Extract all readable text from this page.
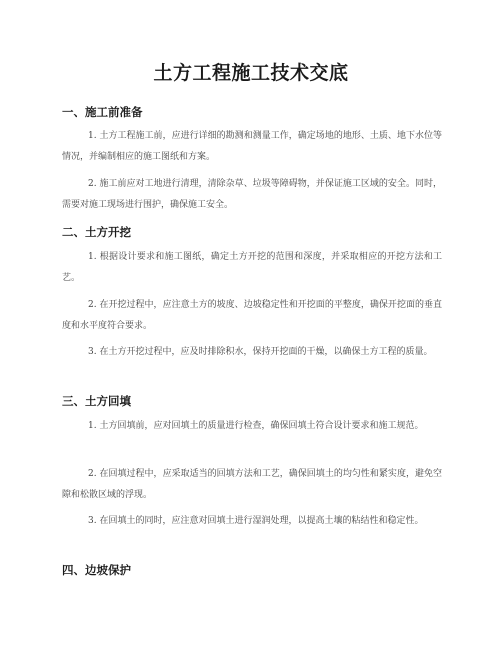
土方工程施工技术交底
一、施工前准备
1. 土方工程施工前，应进行详细的勘测和测量工作，确定场地的地形、土质、地下水位等情况，并编制相应的施工图纸和方案。
2. 施工前应对工地进行清理，清除杂草、垃圾等障碍物，并保证施工区域的安全。同时，需要对施工现场进行围护，确保施工安全。
二、土方开挖
1. 根据设计要求和施工图纸，确定土方开挖的范围和深度，并采取相应的开挖方法和工艺。
2. 在开挖过程中，应注意土方的坡度、边坡稳定性和开挖面的平整度，确保开挖面的垂直度和水平度符合要求。
3. 在土方开挖过程中，应及时排除积水，保持开挖面的干燥，以确保土方工程的质量。
三、土方回填
1. 土方回填前，应对回填土的质量进行检查，确保回填土符合设计要求和施工规范。
2. 在回填过程中，应采取适当的回填方法和工艺，确保回填土的均匀性和紧实度，避免空隙和松散区域的浮现。
3. 在回填土的同时，应注意对回填土进行湿润处理，以提高土壤的粘结性和稳定性。
四、边坡保护
